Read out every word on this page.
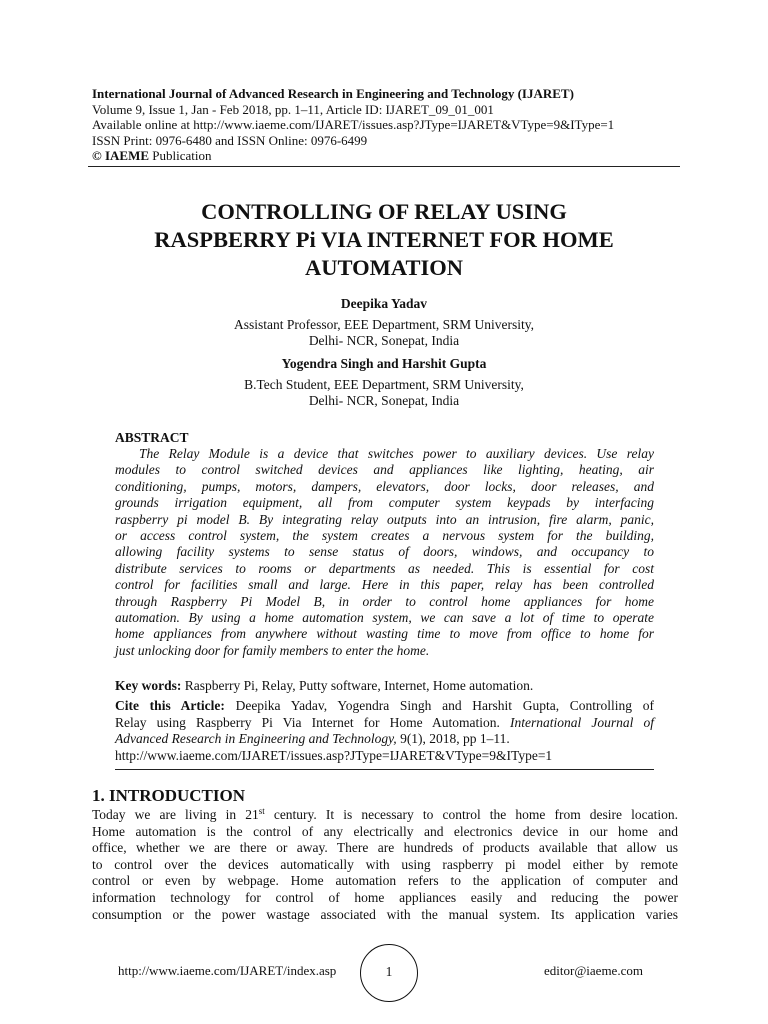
International Journal of Advanced Research in Engineering and Technology (IJARET)
Volume 9, Issue 1, Jan - Feb 2018, pp. 1–11, Article ID: IJARET_09_01_001
Available online at http://www.iaeme.com/IJARET/issues.asp?JType=IJARET&VType=9&IType=1
ISSN Print: 0976-6480 and ISSN Online: 0976-6499
© IAEME Publication
CONTROLLING OF RELAY USING
RASPBERRY Pi VIA INTERNET FOR HOME
AUTOMATION
Deepika Yadav
Assistant Professor, EEE Department, SRM University,
Delhi- NCR, Sonepat, India
Yogendra Singh and Harshit Gupta
B.Tech Student, EEE Department, SRM University,
Delhi- NCR, Sonepat, India
ABSTRACT
The Relay Module is a device that switches power to auxiliary devices. Use relay
modules to control switched devices and appliances like lighting, heating, air
conditioning, pumps, motors, dampers, elevators, door locks, door releases, and
grounds irrigation equipment, all from computer system keypads by interfacing
raspberry pi model B. By integrating relay outputs into an intrusion, fire alarm, panic,
or access control system, the system creates a nervous system for the building,
allowing facility systems to sense status of doors, windows, and occupancy to
distribute services to rooms or departments as needed. This is essential for cost
control for facilities small and large. Here in this paper, relay has been controlled
through Raspberry Pi Model B, in order to control home appliances for home
automation. By using a home automation system, we can save a lot of time to operate
home appliances from anywhere without wasting time to move from office to home for
just unlocking door for family members to enter the home.
Key words: Raspberry Pi, Relay, Putty software, Internet, Home automation.
Cite this Article: Deepika Yadav, Yogendra Singh and Harshit Gupta, Controlling of
Relay using Raspberry Pi Via Internet for Home Automation. International Journal of
Advanced Research in Engineering and Technology, 9(1), 2018, pp 1–11.
http://www.iaeme.com/IJARET/issues.asp?JType=IJARET&VType=9&IType=1
1. INTRODUCTION
Today we are living in 21st century. It is necessary to control the home from desire location.
Home automation is the control of any electrically and electronics device in our home and
office, whether we are there or away. There are hundreds of products available that allow us
to control over the devices automatically with using raspberry pi model either by remote
control or even by webpage. Home automation refers to the application of computer and
information technology for control of home appliances easily and reducing the power
consumption or the power wastage associated with the manual system. Its application varies
http://www.iaeme.com/IJARET/index.asp	1	editor@iaeme.com
